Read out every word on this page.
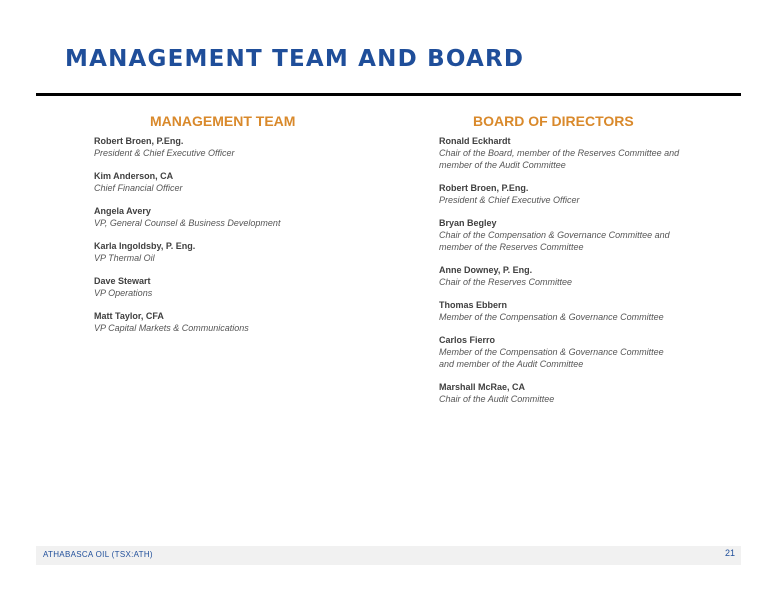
MANAGEMENT TEAM AND BOARD
MANAGEMENT TEAM
Robert Broen, P.Eng.
President & Chief Executive Officer
Kim Anderson, CA
Chief Financial Officer
Angela Avery
VP, General Counsel & Business Development
Karla Ingoldsby, P. Eng.
VP Thermal Oil
Dave Stewart
VP Operations
Matt Taylor, CFA
VP Capital Markets & Communications
BOARD OF DIRECTORS
Ronald Eckhardt
Chair of the Board, member of the Reserves Committee and
member of the Audit Committee
Robert Broen, P.Eng.
President & Chief Executive Officer
Bryan Begley
Chair of the Compensation & Governance Committee and
member of the Reserves Committee
Anne Downey, P. Eng.
Chair of the Reserves Committee
Thomas Ebbern
Member of the Compensation & Governance Committee
Carlos Fierro
Member of the Compensation & Governance Committee
and member of the Audit Committee
Marshall McRae, CA
Chair of the Audit Committee
ATHABASCA OIL (TSX:ATH)	21
